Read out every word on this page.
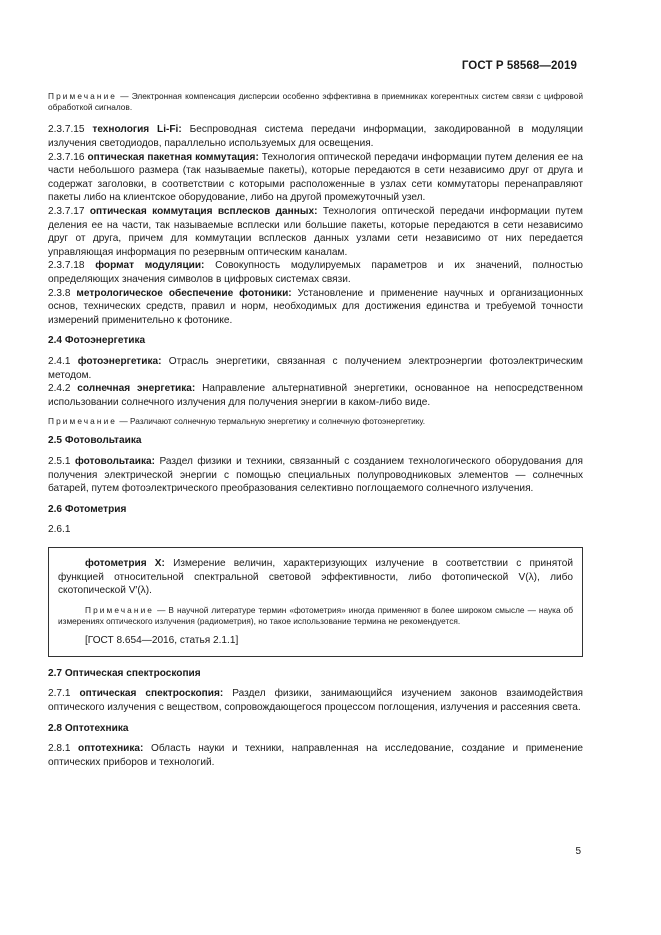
ГОСТ Р 58568—2019

Примечание — Электронная компенсация дисперсии особенно эффективна в приемниках когерентных систем связи с цифровой обработкой сигналов.

2.3.7.15 технология Li-Fi: Беспроводная система передачи информации, закодированной в модуляции излучения светодиодов, параллельно используемых для освещения.

2.3.7.16 оптическая пакетная коммутация: Технология оптической передачи информации путем деления ее на части небольшого размера (так называемые пакеты), которые передаются в сети независимо друг от друга и содержат заголовки, в соответствии с которыми расположенные в узлах сети коммутаторы перенаправляют пакеты либо на клиентское оборудование, либо на другой промежуточный узел.

2.3.7.17 оптическая коммутация всплесков данных: Технология оптической передачи информации путем деления ее на части, так называемые всплески или большие пакеты, которые передаются в сети независимо друг от друга, причем для коммутации всплесков данных узлами сети независимо от них передается управляющая информация по резервным оптическим каналам.

2.3.7.18 формат модуляции: Совокупность модулируемых параметров и их значений, полностью определяющих значения символов в цифровых системах связи.

2.3.8 метрологическое обеспечение фотоники: Установление и применение научных и организационных основ, технических средств, правил и норм, необходимых для достижения единства и требуемой точности измерений применительно к фотонике.

2.4 Фотоэнергетика

2.4.1 фотоэнергетика: Отрасль энергетики, связанная с получением электроэнергии фотоэлектрическим методом.

2.4.2 солнечная энергетика: Направление альтернативной энергетики, основанное на непосредственном использовании солнечного излучения для получения энергии в каком-либо виде.

Примечание — Различают солнечную термальную энергетику и солнечную фотоэнергетику.

2.5 Фотовольтаика

2.5.1 фотовольтаика: Раздел физики и техники, связанный с созданием технологического оборудования для получения электрической энергии с помощью специальных полупроводниковых элементов — солнечных батарей, путем фотоэлектрического преобразования селективно поглощаемого солнечного излучения.

2.6 Фотометрия

2.6.1

фотометрия X: Измерение величин, характеризующих излучение в соответствии с принятой функцией относительной спектральной световой эффективности, либо фотопической V(λ), либо скотопической V′(λ).

Примечание — В научной литературе термин «фотометрия» иногда применяют в более широком смысле — наука об измерениях оптического излучения (радиометрия), но такое использование термина не рекомендуется.

[ГОСТ 8.654—2016, статья 2.1.1]

2.7 Оптическая спектроскопия

2.7.1 оптическая спектроскопия: Раздел физики, занимающийся изучением законов взаимодействия оптического излучения с веществом, сопровождающегося процессом поглощения, излучения и рассеяния света.

2.8 Оптотехника

2.8.1 оптотехника: Область науки и техники, направленная на исследование, создание и применение оптических приборов и технологий.

5
